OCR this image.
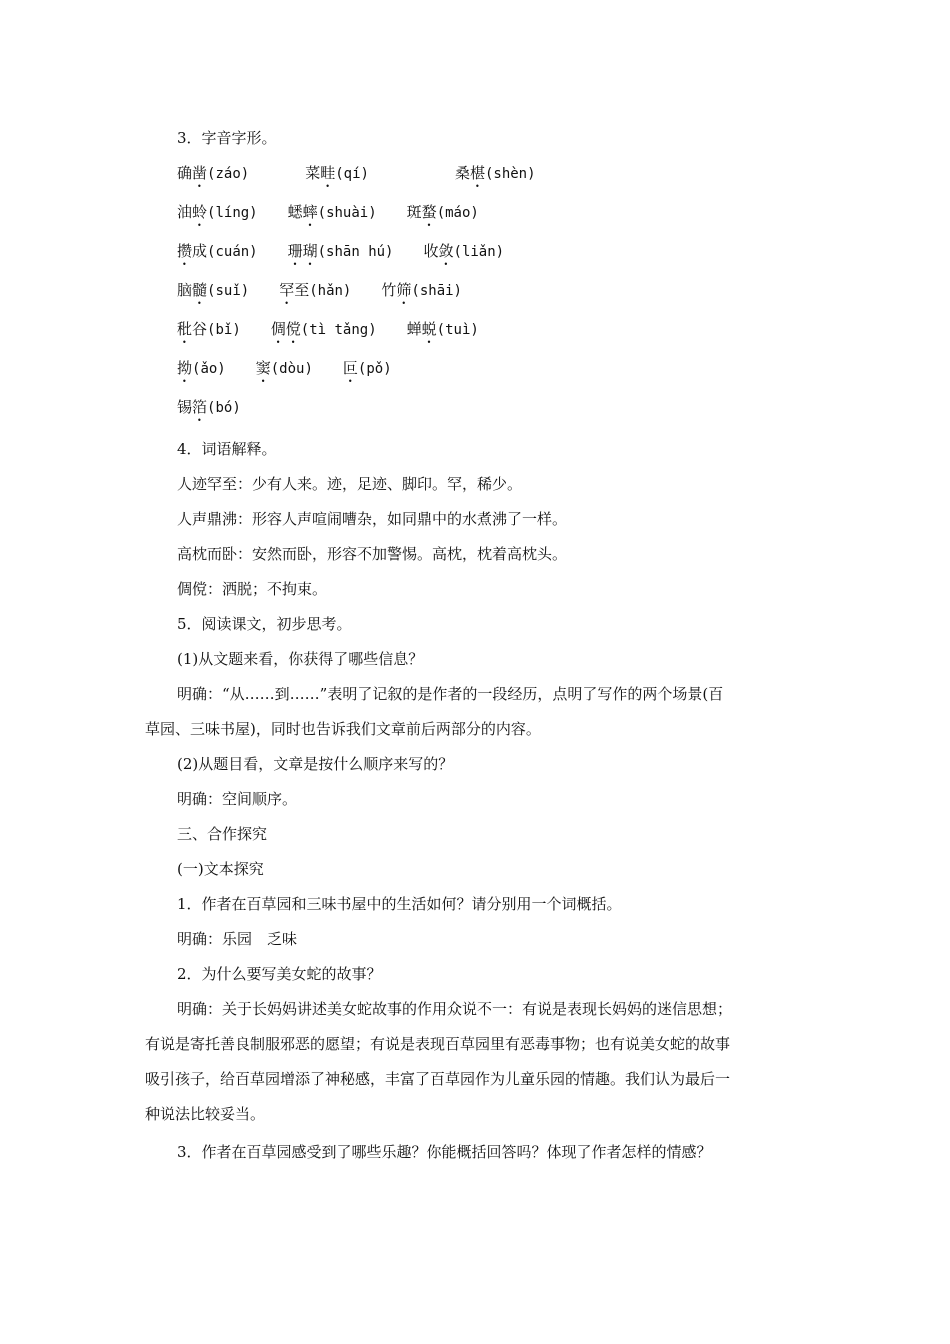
3．字音字形。
确凿(záo)	菜畦(qí)	桑椹(shèn)
油蛉(líng) 蟋蟀(shuài) 斑蝥(máo)
攒成(cuán) 珊瑚(shān hú) 收敛(liǎn)
脑髓(suǐ) 罕至(hǎn) 竹筛(shāi)
秕谷(bǐ) 倜傥(tì tǎng) 蝉蜕(tuì)
拗(ǎo) 窦(dòu) 叵(pǒ)
锡箔(bó)
4．词语解释。
人迹罕至：少有人来。迹，足迹、脚印。罕，稀少。
人声鼎沸：形容人声喧闹嘈杂，如同鼎中的水煮沸了一样。
高枕而卧：安然而卧，形容不加警惕。高枕，枕着高枕头。
倜傥：洒脱；不拘束。
5．阅读课文，初步思考。
(1)从文题来看，你获得了哪些信息？
明确：“从……到……”表明了记叙的是作者的一段经历，点明了写作的两个场景(百
草园、三味书屋)，同时也告诉我们文章前后两部分的内容。
(2)从题目看，文章是按什么顺序来写的？
明确：空间顺序。
三、合作探究
(一)文本探究
1．作者在百草园和三味书屋中的生活如何？请分别用一个词概括。
明确：乐园　乏味
2．为什么要写美女蛇的故事？
明确：关于长妈妈讲述美女蛇故事的作用众说不一：有说是表现长妈妈的迷信思想；
有说是寄托善良制服邪恶的愿望；有说是表现百草园里有恶毒事物；也有说美女蛇的故事
吸引孩子，给百草园增添了神秘感，丰富了百草园作为儿童乐园的情趣。我们认为最后一
种说法比较妥当。
3．作者在百草园感受到了哪些乐趣？你能概括回答吗？体现了作者怎样的情感？
